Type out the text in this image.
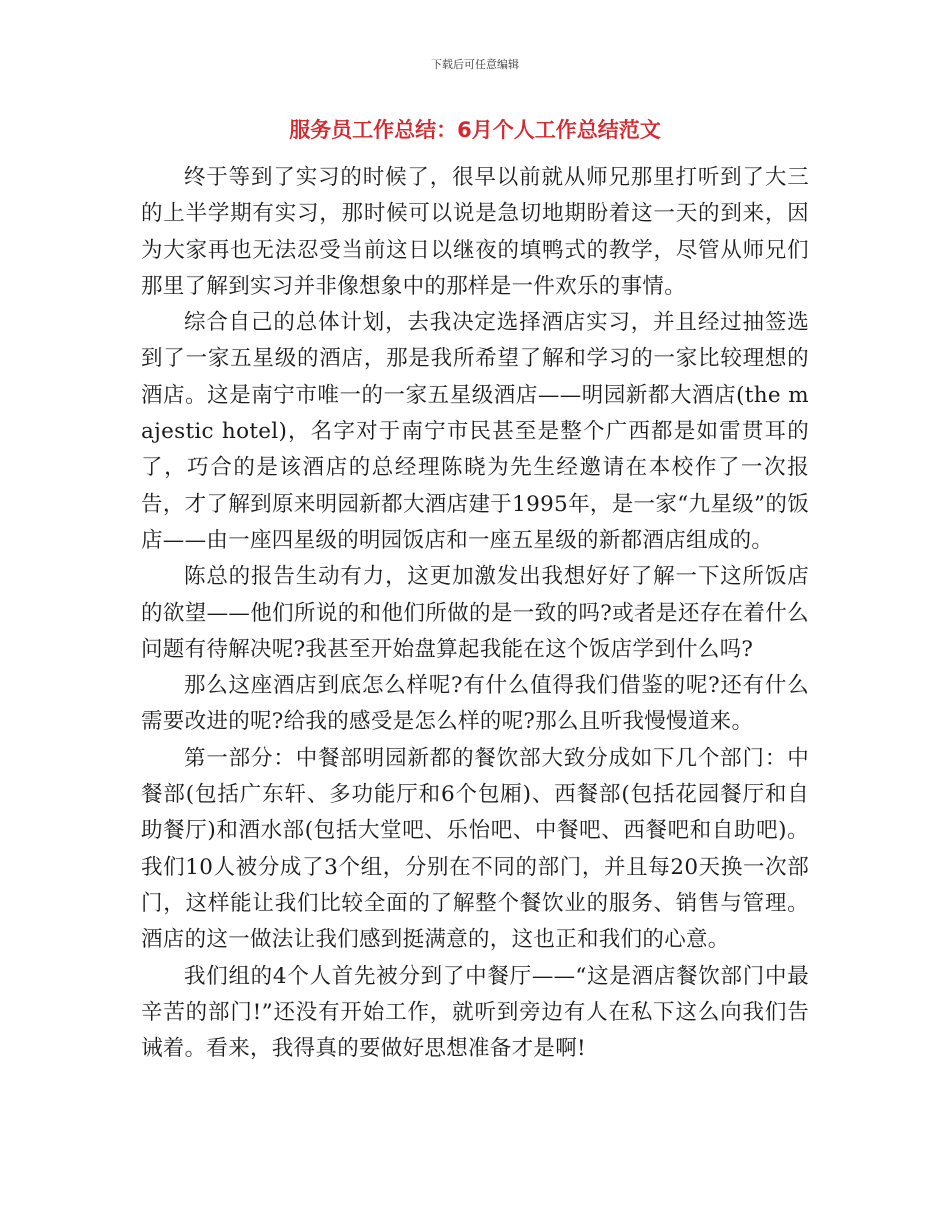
下载后可任意编辑
服务员工作总结：6月个人工作总结范文

终于等到了实习的时候了，很早以前就从师兄那里打听到了大三的上半学期有实习，那时候可以说是急切地期盼着这一天的到来，因为大家再也无法忍受当前这日以继夜的填鸭式的教学，尽管从师兄们那里了解到实习并非像想象中的那样是一件欢乐的事情。

综合自己的总体计划，去我决定选择酒店实习，并且经过抽签选到了一家五星级的酒店，那是我所希望了解和学习的一家比较理想的酒店。这是南宁市唯一的一家五星级酒店——明园新都大酒店(the majestic hotel)，名字对于南宁市民甚至是整个广西都是如雷贯耳的了，巧合的是该酒店的总经理陈晓为先生经邀请在本校作了一次报告，才了解到原来明园新都大酒店建于1995年，是一家“九星级”的饭店——由一座四星级的明园饭店和一座五星级的新都酒店组成的。

陈总的报告生动有力，这更加激发出我想好好了解一下这所饭店的欲望——他们所说的和他们所做的是一致的吗?或者是还存在着什么问题有待解决呢?我甚至开始盘算起我能在这个饭店学到什么吗?

那么这座酒店到底怎么样呢?有什么值得我们借鉴的呢?还有什么需要改进的呢?给我的感受是怎么样的呢?那么且听我慢慢道来。

第一部分：中餐部明园新都的餐饮部大致分成如下几个部门：中餐部(包括广东轩、多功能厅和6个包厢)、西餐部(包括花园餐厅和自助餐厅)和酒水部(包括大堂吧、乐怡吧、中餐吧、西餐吧和自助吧)。我们10人被分成了3个组，分别在不同的部门，并且每20天换一次部门，这样能让我们比较全面的了解整个餐饮业的服务、销售与管理。酒店的这一做法让我们感到挺满意的，这也正和我们的心意。

我们组的4个人首先被分到了中餐厅——“这是酒店餐饮部门中最辛苦的部门!”还没有开始工作，就听到旁边有人在私下这么向我们告诫着。看来，我得真的要做好思想准备才是啊!
